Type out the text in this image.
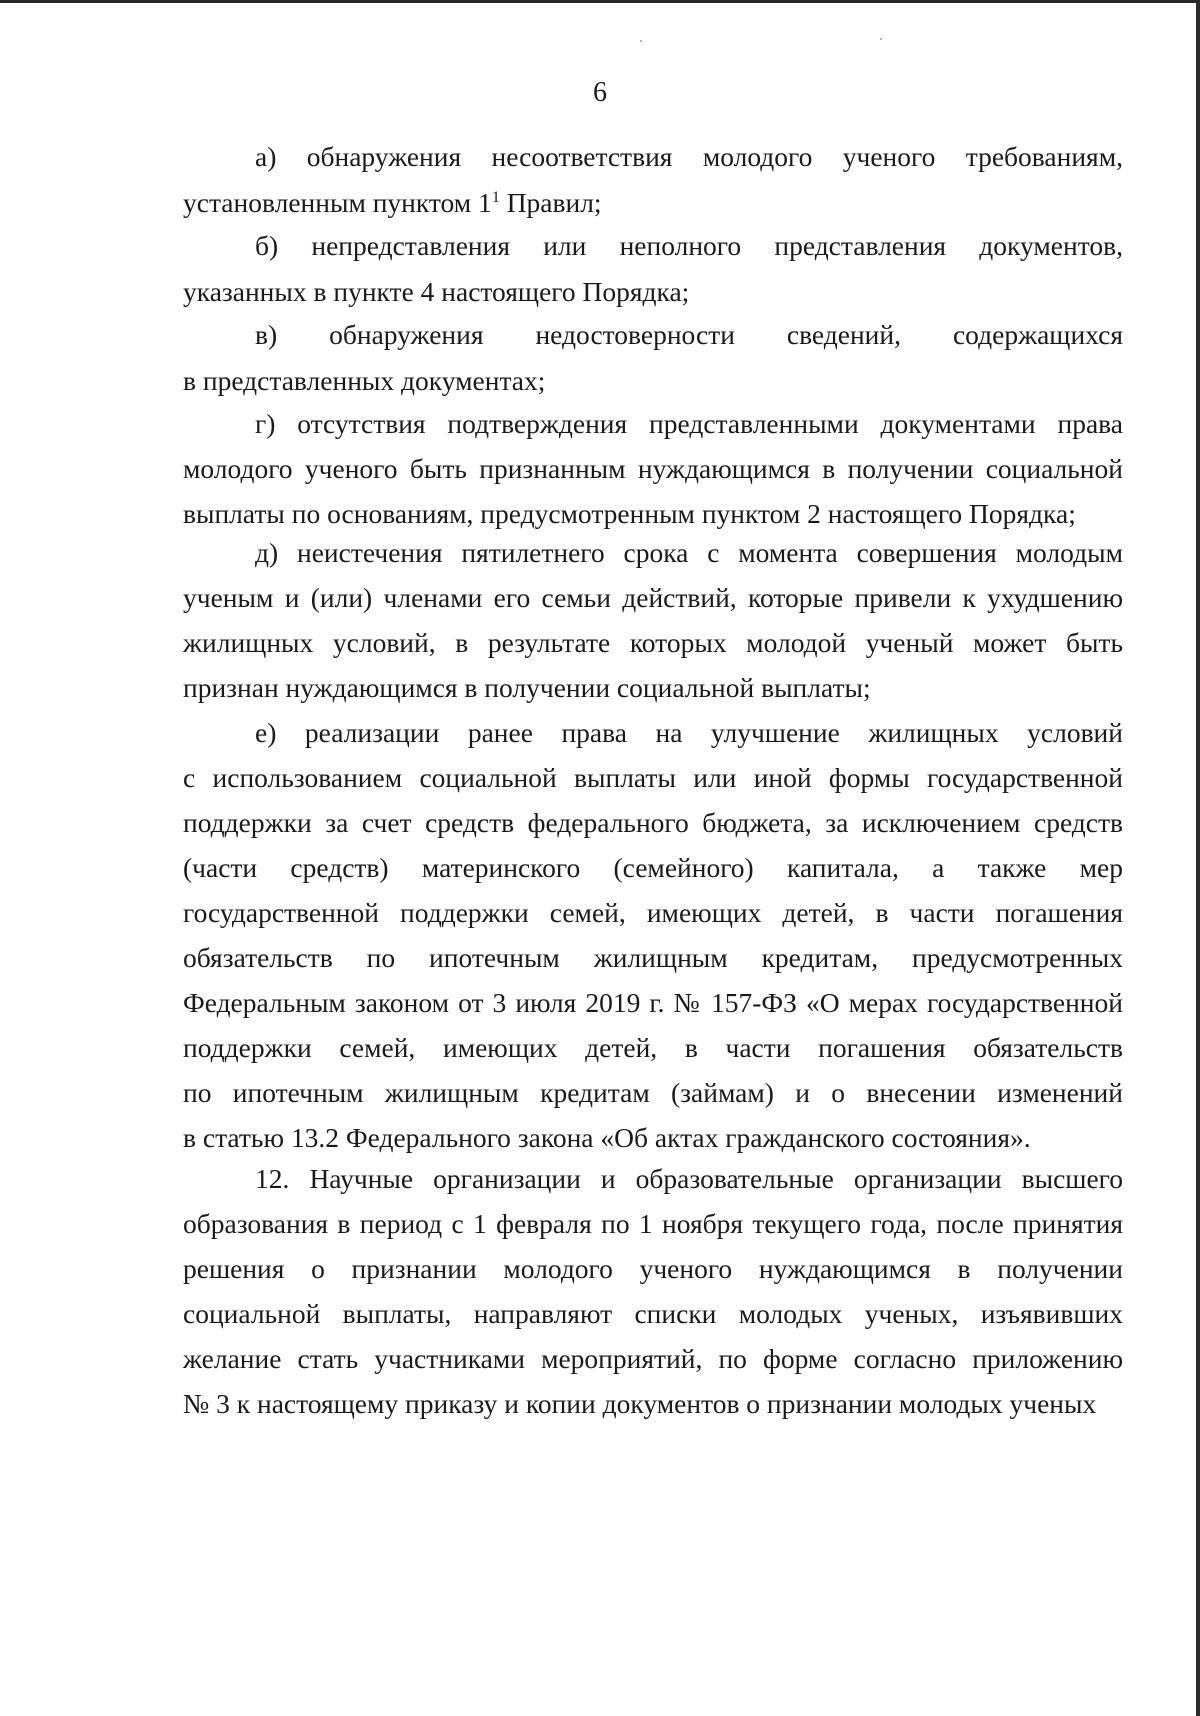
6
а) обнаружения несоответствия молодого ученого требованиям,
установленным пунктом $1^1$ Правил;
б) непредставления или неполного представления документов,
указанных в пункте 4 настоящего Порядка;
в) обнаружения недостоверности сведений, содержащихся
в представленных документах;
г) отсутствия подтверждения представленными документами права
молодого ученого быть признанным нуждающимся в получении социальной
выплаты по основаниям, предусмотренным пунктом 2 настоящего Порядка;
д) неистечения пятилетнего срока с момента совершения молодым
ученым и (или) членами его семьи действий, которые привели к ухудшению
жилищных условий, в результате которых молодой ученый может быть
признан нуждающимся в получении социальной выплаты;
е) реализации ранее права на улучшение жилищных условий
с использованием социальной выплаты или иной формы государственной
поддержки за счет средств федерального бюджета, за исключением средств
(части средств) материнского (семейного) капитала, а также мер
государственной поддержки семей, имеющих детей, в части погашения
обязательств по ипотечным жилищным кредитам, предусмотренных
Федеральным законом от 3 июля 2019 г. № 157-ФЗ «О мерах государственной
поддержки семей, имеющих детей, в части погашения обязательств
по ипотечным жилищным кредитам (займам) и о внесении изменений
в статью 13.2 Федерального закона «Об актах гражданского состояния».
12. Научные организации и образовательные организации высшего
образования в период с 1 февраля по 1 ноября текущего года, после принятия
решения о признании молодого ученого нуждающимся в получении
социальной выплаты, направляют списки молодых ученых, изъявивших
желание стать участниками мероприятий, по форме согласно приложению
№ 3 к настоящему приказу и копии документов о признании молодых ученых
